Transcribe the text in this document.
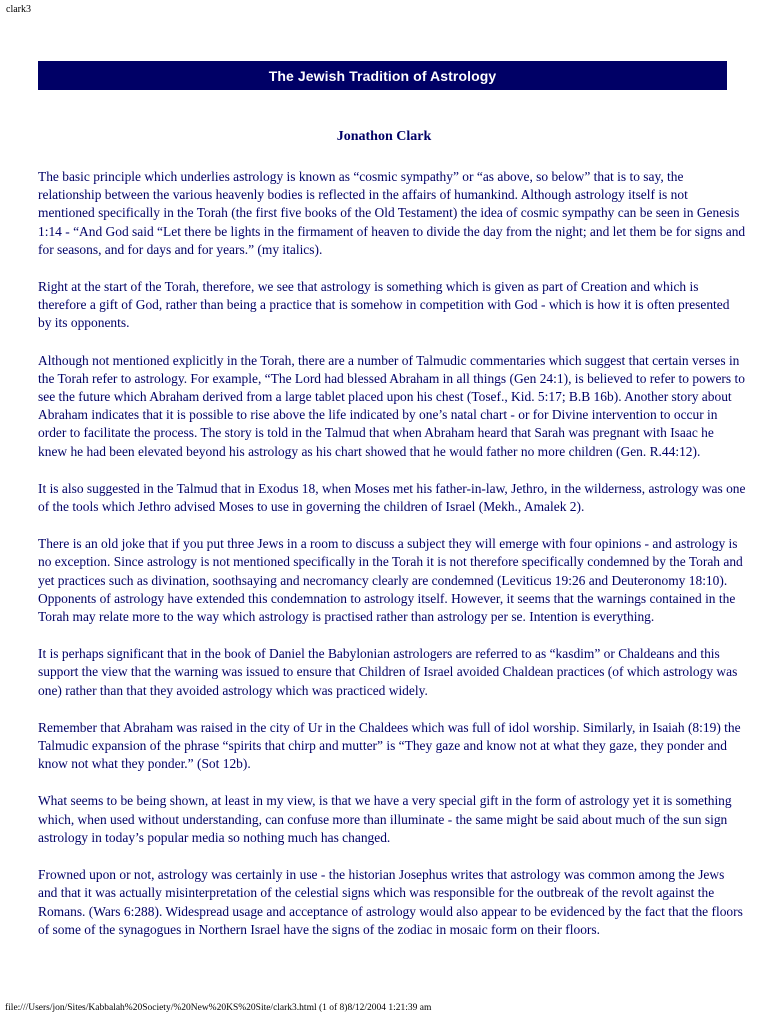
clark3
The Jewish Tradition of Astrology
Jonathon Clark

The basic principle which underlies astrology is known as “cosmic sympathy” or “as above, so below” that is to say, the relationship between the various heavenly bodies is reflected in the affairs of humankind. Although astrology itself is not mentioned specifically in the Torah (the first five books of the Old Testament) the idea of cosmic sympathy can be seen in Genesis 1:14 - “And God said “Let there be lights in the firmament of heaven to divide the day from the night; and let them be for signs and for seasons, and for days and for years.” (my italics).

Right at the start of the Torah, therefore, we see that astrology is something which is given as part of Creation and which is therefore a gift of God, rather than being a practice that is somehow in competition with God - which is how it is often presented by its opponents.

Although not mentioned explicitly in the Torah, there are a number of Talmudic commentaries which suggest that certain verses in the Torah refer to astrology. For example, “The Lord had blessed Abraham in all things (Gen 24:1), is believed to refer to powers to see the future which Abraham derived from a large tablet placed upon his chest (Tosef., Kid. 5:17; B.B 16b). Another story about Abraham indicates that it is possible to rise above the life indicated by one’s natal chart - or for Divine intervention to occur in order to facilitate the process. The story is told in the Talmud that when Abraham heard that Sarah was pregnant with Isaac he knew he had been elevated beyond his astrology as his chart showed that he would father no more children (Gen. R.44:12).

It is also suggested in the Talmud that in Exodus 18, when Moses met his father-in-law, Jethro, in the wilderness, astrology was one of the tools which Jethro advised Moses to use in governing the children of Israel (Mekh., Amalek 2).

There is an old joke that if you put three Jews in a room to discuss a subject they will emerge with four opinions - and astrology is no exception. Since astrology is not mentioned specifically in the Torah it is not therefore specifically condemned by the Torah and yet practices such as divination, soothsaying and necromancy clearly are condemned (Leviticus 19:26 and Deuteronomy 18:10). Opponents of astrology have extended this condemnation to astrology itself. However, it seems that the warnings contained in the Torah may relate more to the way which astrology is practised rather than astrology per se. Intention is everything.

It is perhaps significant that in the book of Daniel the Babylonian astrologers are referred to as “kasdim” or Chaldeans and this support the view that the warning was issued to ensure that Children of Israel avoided Chaldean practices (of which astrology was one) rather than that they avoided astrology which was practiced widely.

Remember that Abraham was raised in the city of Ur in the Chaldees which was full of idol worship. Similarly, in Isaiah (8:19) the Talmudic expansion of the phrase “spirits that chirp and mutter” is “They gaze and know not at what they gaze, they ponder and know not what they ponder.” (Sot 12b).

What seems to be being shown, at least in my view, is that we have a very special gift in the form of astrology yet it is something which, when used without understanding, can confuse more than illuminate - the same might be said about much of the sun sign astrology in today’s popular media so nothing much has changed.

Frowned upon or not, astrology was certainly in use - the historian Josephus writes that astrology was common among the Jews and that it was actually misinterpretation of the celestial signs which was responsible for the outbreak of the revolt against the Romans. (Wars 6:288). Widespread usage and acceptance of astrology would also appear to be evidenced by the fact that the floors of some of the synagogues in Northern Israel have the signs of the zodiac in mosaic form on their floors.

file:///Users/jon/Sites/Kabbalah%20Society/%20New%20KS%20Site/clark3.html (1 of 8)8/12/2004 1:21:39 am
